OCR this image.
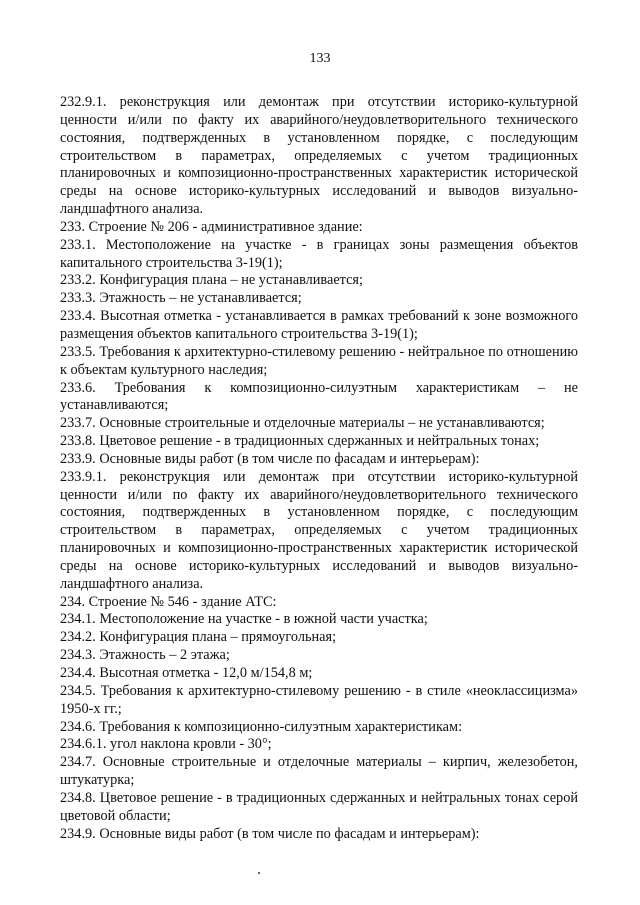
133

232.9.1. реконструкция или демонтаж при отсутствии историко-культурной ценности и/или по факту их аварийного/неудовлетворительного технического состояния, подтвержденных в установленном порядке, с последующим строительством в параметрах, определяемых с учетом традиционных планировочных и композиционно-пространственных характеристик исторической среды на основе историко-культурных исследований и выводов визуально-ландшафтного анализа.

233. Строение № 206 - административное здание:

233.1. Местоположение на участке - в границах зоны размещения объектов капитального строительства 3-19(1);

233.2. Конфигурация плана – не устанавливается;

233.3. Этажность – не устанавливается;

233.4. Высотная отметка - устанавливается в рамках требований к зоне возможного размещения объектов капитального строительства 3-19(1);

233.5. Требования к архитектурно-стилевому решению - нейтральное по отношению к объектам культурного наследия;

233.6. Требования к композиционно-силуэтным характеристикам – не устанавливаются;

233.7. Основные строительные и отделочные материалы – не устанавливаются;

233.8. Цветовое решение - в традиционных сдержанных и нейтральных тонах;

233.9. Основные виды работ (в том числе по фасадам и интерьерам):

233.9.1. реконструкция или демонтаж при отсутствии историко-культурной ценности и/или по факту их аварийного/неудовлетворительного технического состояния, подтвержденных в установленном порядке, с последующим строительством в параметрах, определяемых с учетом традиционных планировочных и композиционно-пространственных характеристик исторической среды на основе историко-культурных исследований и выводов визуально-ландшафтного анализа.

234. Строение № 546 - здание АТС:

234.1. Местоположение на участке - в южной части участка;

234.2. Конфигурация плана – прямоугольная;

234.3. Этажность – 2 этажа;

234.4. Высотная отметка - 12,0 м/154,8 м;

234.5. Требования к архитектурно-стилевому решению - в стиле «неоклассицизма» 1950-х гг.;

234.6. Требования к композиционно-силуэтным характеристикам:

234.6.1. угол наклона кровли - 30°;

234.7. Основные строительные и отделочные материалы – кирпич, железобетон, штукатурка;

234.8. Цветовое решение - в традиционных сдержанных и нейтральных тонах серой цветовой области;

234.9. Основные виды работ (в том числе по фасадам и интерьерам):
